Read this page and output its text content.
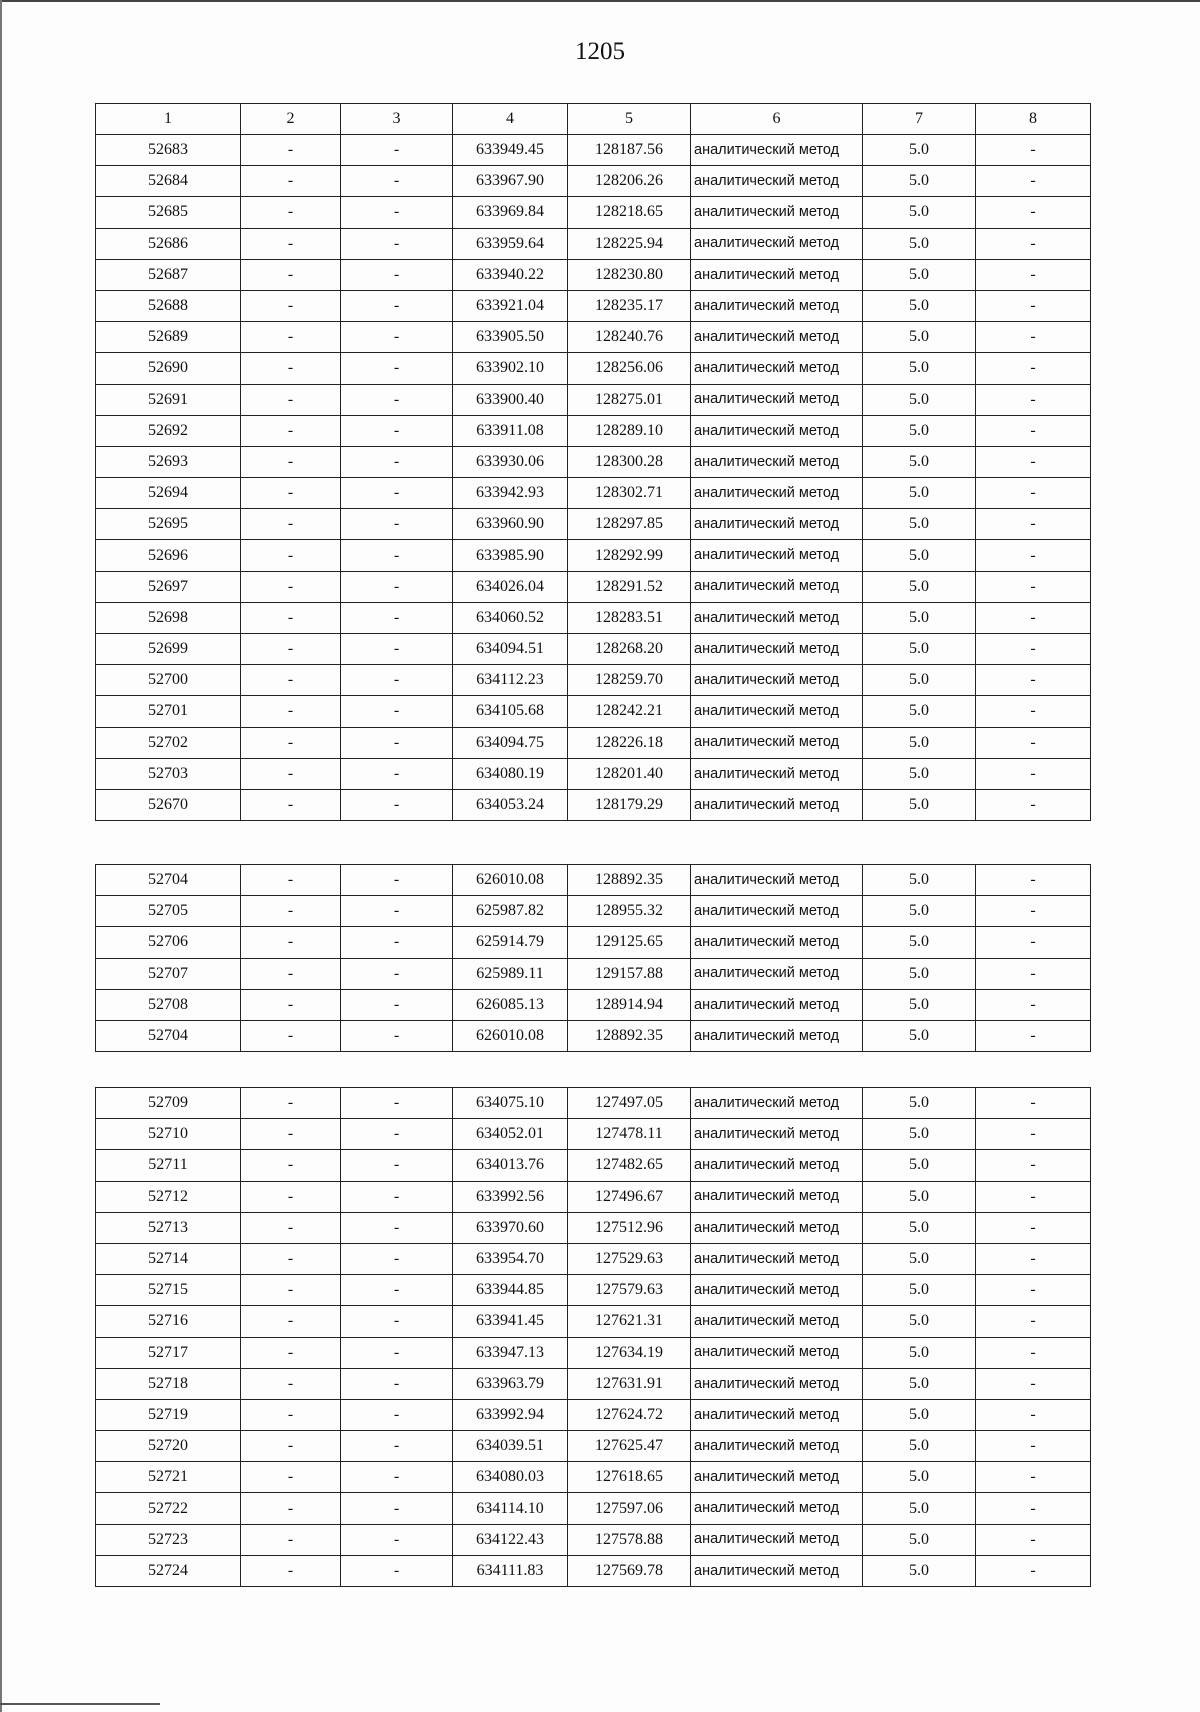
1205
1	2	3	4	5	6	7	8
52683	-	-	633949.45	128187.56	аналитический метод	5.0	-
52684	-	-	633967.90	128206.26	аналитический метод	5.0	-
52685	-	-	633969.84	128218.65	аналитический метод	5.0	-
52686	-	-	633959.64	128225.94	аналитический метод	5.0	-
52687	-	-	633940.22	128230.80	аналитический метод	5.0	-
52688	-	-	633921.04	128235.17	аналитический метод	5.0	-
52689	-	-	633905.50	128240.76	аналитический метод	5.0	-
52690	-	-	633902.10	128256.06	аналитический метод	5.0	-
52691	-	-	633900.40	128275.01	аналитический метод	5.0	-
52692	-	-	633911.08	128289.10	аналитический метод	5.0	-
52693	-	-	633930.06	128300.28	аналитический метод	5.0	-
52694	-	-	633942.93	128302.71	аналитический метод	5.0	-
52695	-	-	633960.90	128297.85	аналитический метод	5.0	-
52696	-	-	633985.90	128292.99	аналитический метод	5.0	-
52697	-	-	634026.04	128291.52	аналитический метод	5.0	-
52698	-	-	634060.52	128283.51	аналитический метод	5.0	-
52699	-	-	634094.51	128268.20	аналитический метод	5.0	-
52700	-	-	634112.23	128259.70	аналитический метод	5.0	-
52701	-	-	634105.68	128242.21	аналитический метод	5.0	-
52702	-	-	634094.75	128226.18	аналитический метод	5.0	-
52703	-	-	634080.19	128201.40	аналитический метод	5.0	-
52670	-	-	634053.24	128179.29	аналитический метод	5.0	-
52704	-	-	626010.08	128892.35	аналитический метод	5.0	-
52705	-	-	625987.82	128955.32	аналитический метод	5.0	-
52706	-	-	625914.79	129125.65	аналитический метод	5.0	-
52707	-	-	625989.11	129157.88	аналитический метод	5.0	-
52708	-	-	626085.13	128914.94	аналитический метод	5.0	-
52704	-	-	626010.08	128892.35	аналитический метод	5.0	-
52709	-	-	634075.10	127497.05	аналитический метод	5.0	-
52710	-	-	634052.01	127478.11	аналитический метод	5.0	-
52711	-	-	634013.76	127482.65	аналитический метод	5.0	-
52712	-	-	633992.56	127496.67	аналитический метод	5.0	-
52713	-	-	633970.60	127512.96	аналитический метод	5.0	-
52714	-	-	633954.70	127529.63	аналитический метод	5.0	-
52715	-	-	633944.85	127579.63	аналитический метод	5.0	-
52716	-	-	633941.45	127621.31	аналитический метод	5.0	-
52717	-	-	633947.13	127634.19	аналитический метод	5.0	-
52718	-	-	633963.79	127631.91	аналитический метод	5.0	-
52719	-	-	633992.94	127624.72	аналитический метод	5.0	-
52720	-	-	634039.51	127625.47	аналитический метод	5.0	-
52721	-	-	634080.03	127618.65	аналитический метод	5.0	-
52722	-	-	634114.10	127597.06	аналитический метод	5.0	-
52723	-	-	634122.43	127578.88	аналитический метод	5.0	-
52724	-	-	634111.83	127569.78	аналитический метод	5.0	-
